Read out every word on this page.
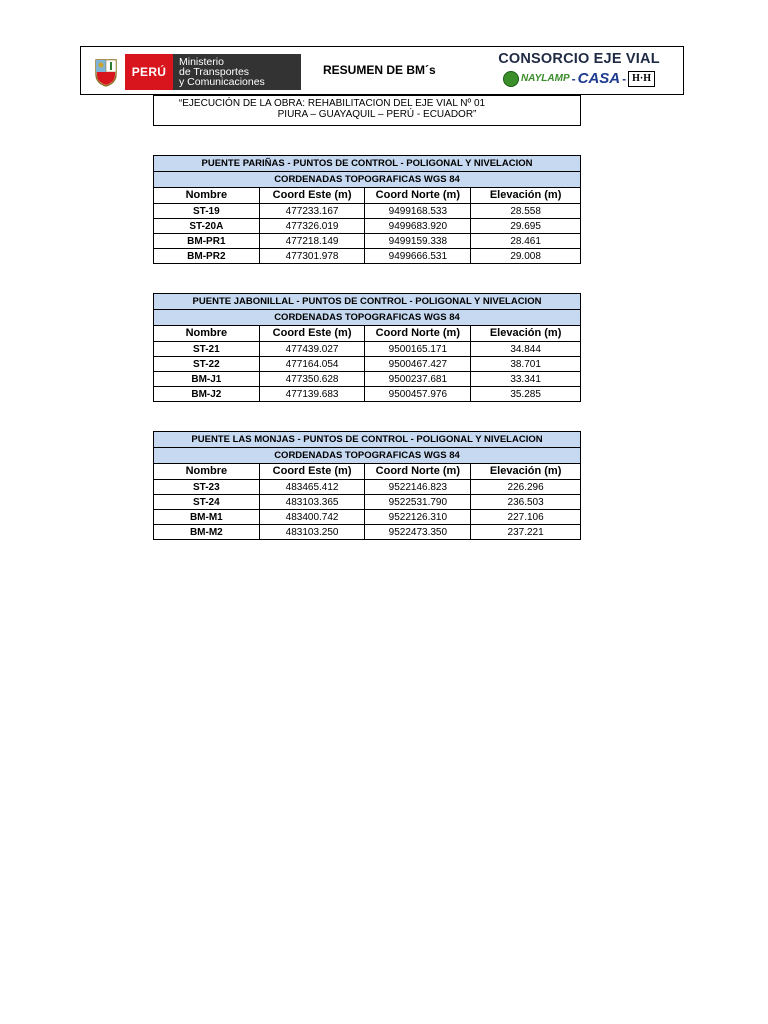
PERÚ
Ministerio
de Transportes
y Comunicaciones
RESUMEN DE BM´s
CONSORCIO EJE VIAL
NAYLAMP - CASA - H·H
“EJECUCIÓN DE LA OBRA: REHABILITACION DEL EJE VIAL Nº 01
PIURA – GUAYAQUIL – PERÚ - ECUADOR”
PUENTE PARIÑAS - PUNTOS DE CONTROL - POLIGONAL Y NIVELACION			
CORDENADAS TOPOGRAFICAS WGS 84			
Nombre	Coord Este (m)	Coord Norte (m)	Elevación (m)
ST-19	477233.167	9499168.533	28.558
ST-20A	477326.019	9499683.920	29.695
BM-PR1	477218.149	9499159.338	28.461
BM-PR2	477301.978	9499666.531	29.008
PUENTE JABONILLAL - PUNTOS DE CONTROL - POLIGONAL Y NIVELACION			
CORDENADAS TOPOGRAFICAS WGS 84			
Nombre	Coord Este (m)	Coord Norte (m)	Elevación (m)
ST-21	477439.027	9500165.171	34.844
ST-22	477164.054	9500467.427	38.701
BM-J1	477350.628	9500237.681	33.341
BM-J2	477139.683	9500457.976	35.285
PUENTE LAS MONJAS - PUNTOS DE CONTROL - POLIGONAL Y NIVELACION			
CORDENADAS TOPOGRAFICAS WGS 84			
Nombre	Coord Este (m)	Coord Norte (m)	Elevación (m)
ST-23	483465.412	9522146.823	226.296
ST-24	483103.365	9522531.790	236.503
BM-M1	483400.742	9522126.310	227.106
BM-M2	483103.250	9522473.350	237.221
